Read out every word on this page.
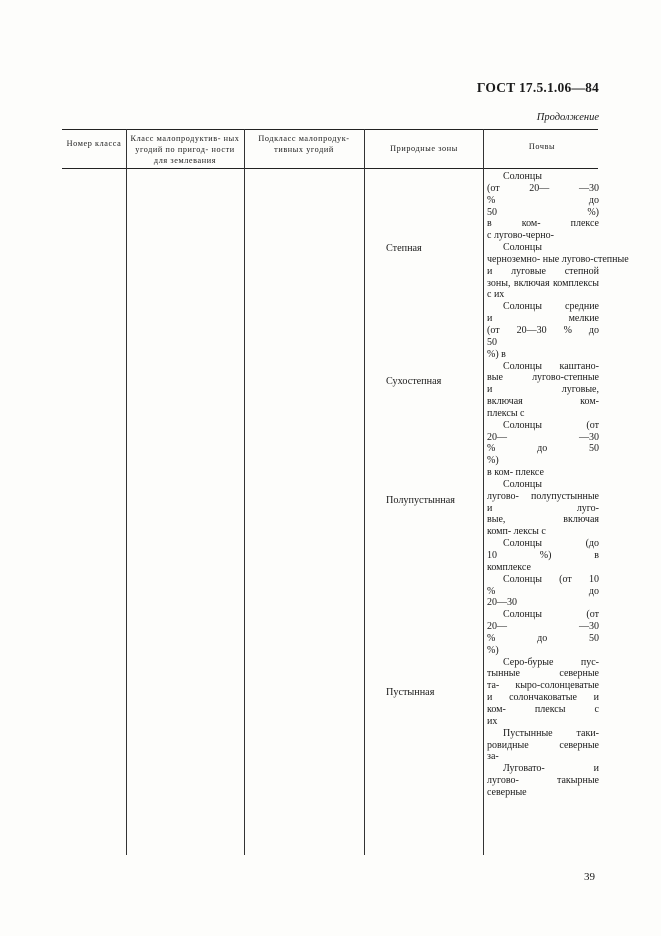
ГОСТ 17.5.1.06—84
Продолжение
Номер класса
Класс малопродуктив- ных угодий по пригод- ности для землевания
Подкласс малопродук- тивных угодий	Природные зоны	Почвы
Степная
Сухостепная
Полупустынная
Пустынная
Солонцы
(от 20— —30
% до
50 %)
в ком- плексе
с лугово-черно-
Солонцы
черноземно- ные лугово-степные
и луговые степной
зоны, включая комплексы
с их
Солонцы средние
и мелкие
(от 20—30 % до
50
%) в
Солонцы каштано-
вые лугово-степные
и луговые,
включая ком-
плексы с
Солонцы (от
20— —30
% до 50
%)
в ком- плексе
Солонцы
лугово- полупустынные
и луго-
вые, включая
комп- лексы с
Солонцы (до
10 %) в
комплексе
Солонцы (от 10
% до
20—30
Солонцы (от
20— —30
% до 50
%)
Серо-бурые пус-
тынные северные
та- кыро-солонцеватые
и солончаковатые и
ком- плексы с
их
Пустынные таки-
ровидные северные
за-
Луговато- и
лугово- такырные
северные
39
